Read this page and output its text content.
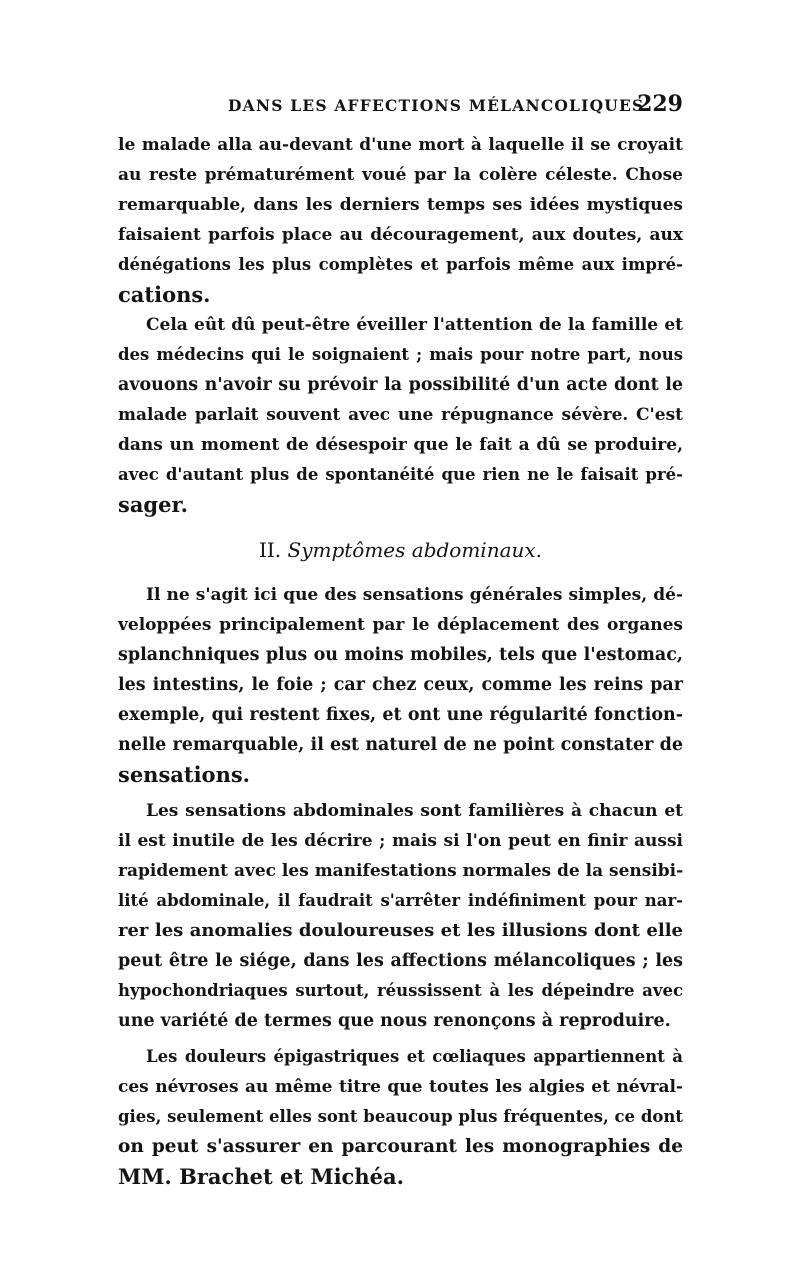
DANS LES AFFECTIONS MÉLANCOLIQUES.
229
le malade alla au-devant d'une mort à laquelle il se croyait
au reste prématurément voué par la colère céleste. Chose
remarquable, dans les derniers temps ses idées mystiques
faisaient parfois place au découragement, aux doutes, aux
dénégations les plus complètes et parfois même aux impré-
cations.
Cela eût dû peut-être éveiller l'attention de la famille et
des médecins qui le soignaient ; mais pour notre part, nous
avouons n'avoir su prévoir la possibilité d'un acte dont le
malade parlait souvent avec une répugnance sévère. C'est
dans un moment de désespoir que le fait a dû se produire,
avec d'autant plus de spontanéité que rien ne le faisait pré-
sager.
II. Symptômes abdominaux.
Il ne s'agit ici que des sensations générales simples, dé-
veloppées principalement par le déplacement des organes
splanchniques plus ou moins mobiles, tels que l'estomac,
les intestins, le foie ; car chez ceux, comme les reins par
exemple, qui restent fixes, et ont une régularité fonction-
nelle remarquable, il est naturel de ne point constater de
sensations.
Les sensations abdominales sont familières à chacun et
il est inutile de les décrire ; mais si l'on peut en finir aussi
rapidement avec les manifestations normales de la sensibi-
lité abdominale, il faudrait s'arrêter indéfiniment pour nar-
rer les anomalies douloureuses et les illusions dont elle
peut être le siége, dans les affections mélancoliques ; les
hypochondriaques surtout, réussissent à les dépeindre avec
une variété de termes que nous renonçons à reproduire.
Les douleurs épigastriques et cœliaques appartiennent à
ces névroses au même titre que toutes les algies et névral-
gies, seulement elles sont beaucoup plus fréquentes, ce dont
on peut s'assurer en parcourant les monographies de
MM. Brachet et Michéa.
